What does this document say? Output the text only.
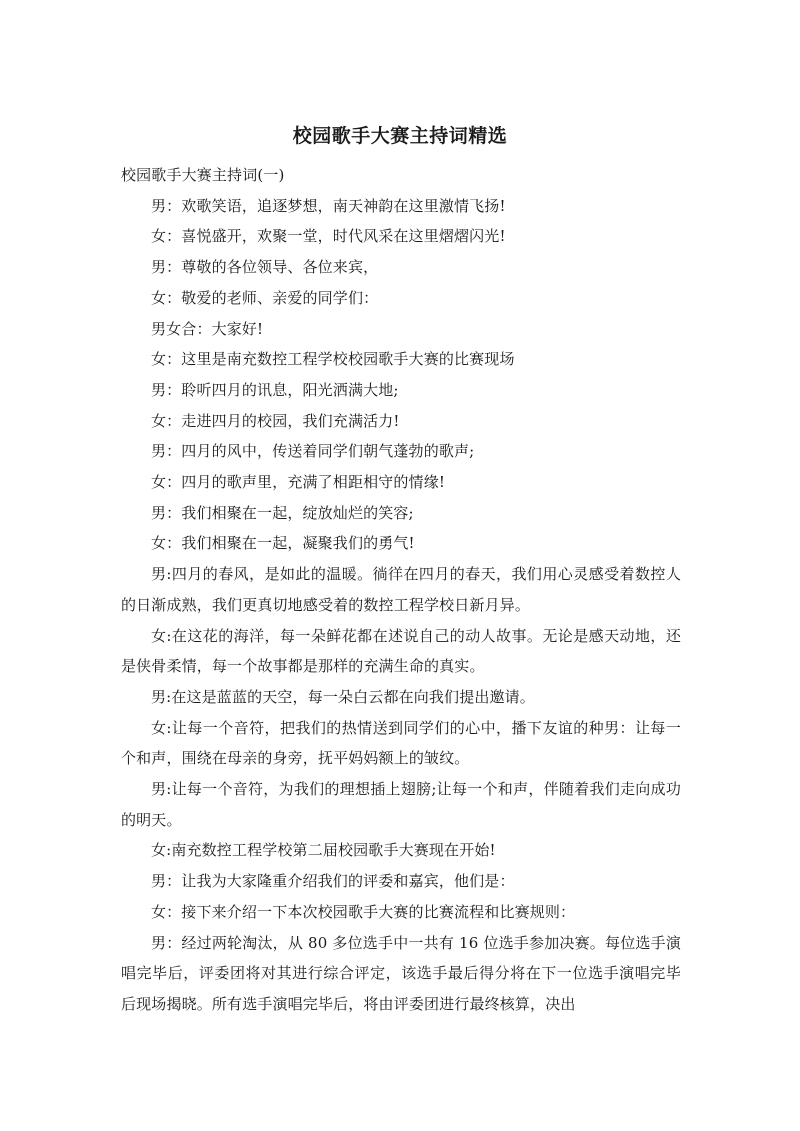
校园歌手大赛主持词精选

校园歌手大赛主持词(一)

男：欢歌笑语，追逐梦想，南天神韵在这里激情飞扬!

女：喜悦盛开，欢聚一堂，时代风采在这里熠熠闪光!

男：尊敬的各位领导、各位来宾，

女：敬爱的老师、亲爱的同学们：

男女合：大家好!

女：这里是南充数控工程学校校园歌手大赛的比赛现场

男：聆听四月的讯息，阳光洒满大地;

女：走进四月的校园，我们充满活力!

男：四月的风中，传送着同学们朝气蓬勃的歌声;

女：四月的歌声里，充满了相距相守的情缘!

男：我们相聚在一起，绽放灿烂的笑容;

女：我们相聚在一起，凝聚我们的勇气!

男:四月的春风，是如此的温暖。徜徉在四月的春天，我们用心灵感受着数控人的日渐成熟，我们更真切地感受着的数控工程学校日新月异。

女:在这花的海洋，每一朵鲜花都在述说自己的动人故事。无论是感天动地，还是侠骨柔情，每一个故事都是那样的充满生命的真实。

男:在这是蓝蓝的天空，每一朵白云都在向我们提出邀请。

女:让每一个音符，把我们的热情送到同学们的心中，播下友谊的种男：让每一个和声，围绕在母亲的身旁，抚平妈妈额上的皱纹。

男:让每一个音符，为我们的理想插上翅膀;让每一个和声，伴随着我们走向成功的明天。

女:南充数控工程学校第二届校园歌手大赛现在开始!

男：让我为大家隆重介绍我们的评委和嘉宾，他们是：

女：接下来介绍一下本次校园歌手大赛的比赛流程和比赛规则：

男：经过两轮淘汰，从 80 多位选手中一共有 16 位选手参加决赛。每位选手演唱完毕后，评委团将对其进行综合评定，该选手最后得分将在下一位选手演唱完毕后现场揭晓。所有选手演唱完毕后，将由评委团进行最终核算，决出
